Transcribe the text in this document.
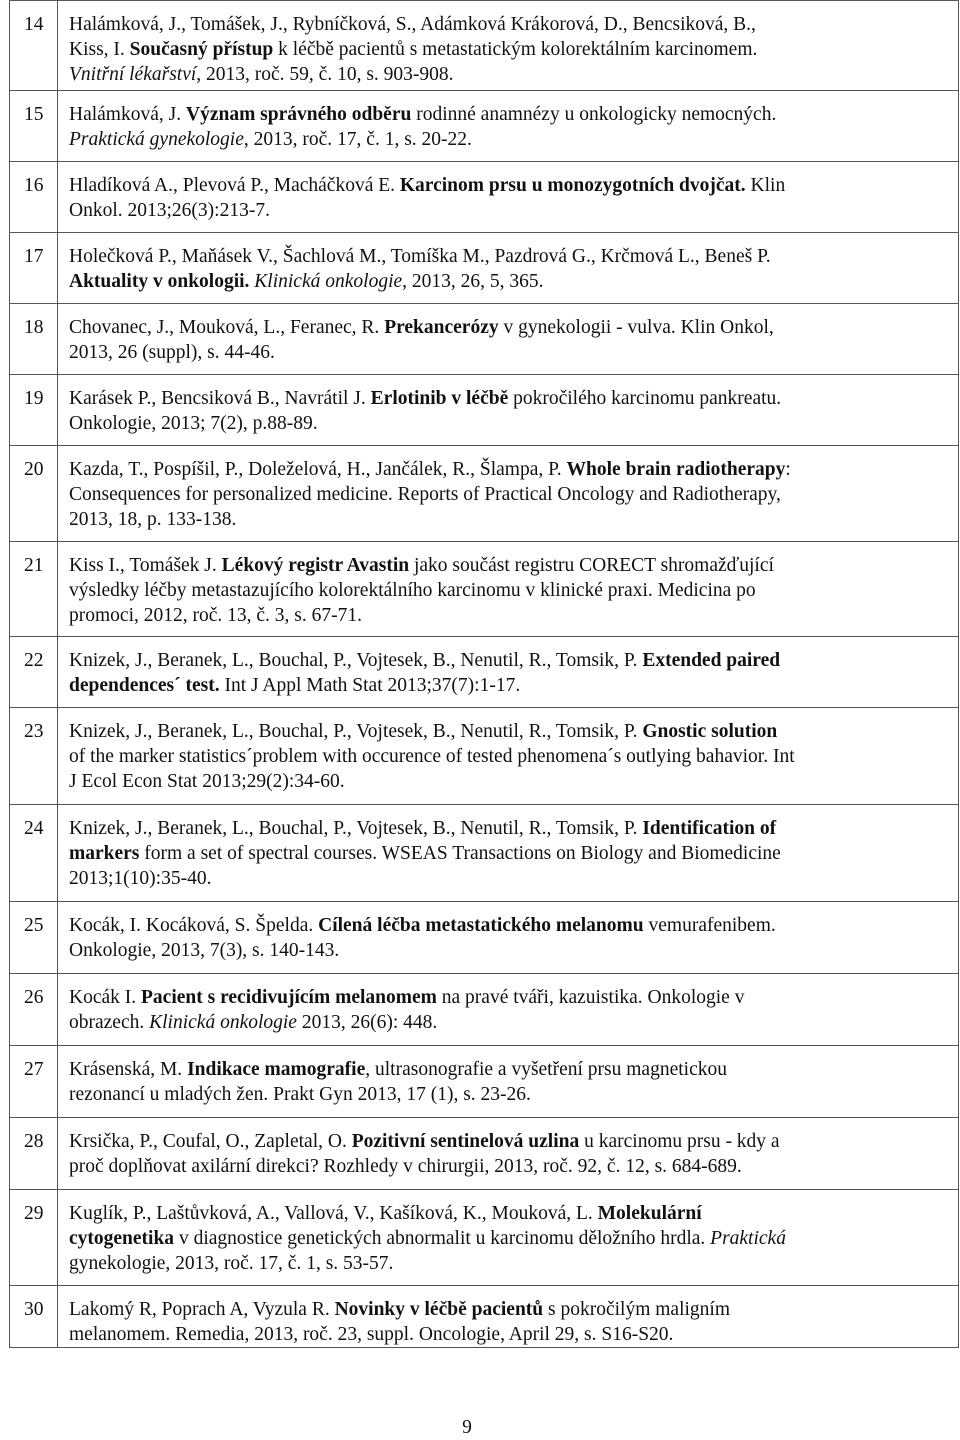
14	Halámková, J., Tomášek, J., Rybníčková, S., Adámková Krákorová, D., Bencsiková, B.,
Kiss, I. Současný přístup k léčbě pacientů s metastatickým kolorektálním karcinomem.
Vnitřní lékařství, 2013, roč. 59, č. 10, s. 903-908.

15	Halámková, J. Význam správného odběru rodinné anamnézy u onkologicky nemocných.
Praktická gynekologie, 2013, roč. 17, č. 1, s. 20-22.

16	Hladíková A., Plevová P., Macháčková E. Karcinom prsu u monozygotních dvojčat. Klin
Onkol. 2013;26(3):213-7.

17	Holečková P., Maňásek V., Šachlová M., Tomíška M., Pazdrová G., Krčmová L., Beneš P.
Aktuality v onkologii. Klinická onkologie, 2013, 26, 5, 365.

18	Chovanec, J., Mouková, L., Feranec, R. Prekancerózy v gynekologii - vulva. Klin Onkol,
2013, 26 (suppl), s. 44-46.

19	Karásek P., Bencsiková B., Navrátil J. Erlotinib v léčbě pokročilého karcinomu pankreatu.
Onkologie, 2013; 7(2), p.88-89.

20	Kazda, T., Pospíšil, P., Doleželová, H., Jančálek, R., Šlampa, P. Whole brain radiotherapy:
Consequences for personalized medicine. Reports of Practical Oncology and Radiotherapy,
2013, 18, p. 133-138.

21	Kiss I., Tomášek J. Lékový registr Avastin jako součást registru CORECT shromažďující
výsledky léčby metastazujícího kolorektálního karcinomu v klinické praxi. Medicina po
promoci, 2012, roč. 13, č. 3, s. 67-71.

22	Knizek, J., Beranek, L., Bouchal, P., Vojtesek, B., Nenutil, R., Tomsik, P. Extended paired
dependences´ test. Int J Appl Math Stat 2013;37(7):1-17.

23	Knizek, J., Beranek, L., Bouchal, P., Vojtesek, B., Nenutil, R., Tomsik, P. Gnostic solution
of the marker statistics´problem with occurence of tested phenomena´s outlying bahavior. Int
J Ecol Econ Stat 2013;29(2):34-60.

24	Knizek, J., Beranek, L., Bouchal, P., Vojtesek, B., Nenutil, R., Tomsik, P. Identification of
markers form a set of spectral courses. WSEAS Transactions on Biology and Biomedicine
2013;1(10):35-40.

25	Kocák, I. Kocáková, S. Špelda. Cílená léčba metastatického melanomu vemurafenibem.
Onkologie, 2013, 7(3), s. 140-143.

26	Kocák I. Pacient s recidivujícím melanomem na pravé tváři, kazuistika. Onkologie v
obrazech. Klinická onkologie 2013, 26(6): 448.

27	Krásenská, M. Indikace mamografie, ultrasonografie a vyšetření prsu magnetickou
rezonancí u mladých žen. Prakt Gyn 2013, 17 (1), s. 23-26.

28	Krsička, P., Coufal, O., Zapletal, O. Pozitivní sentinelová uzlina u karcinomu prsu - kdy a
proč doplňovat axilární direkci? Rozhledy v chirurgii, 2013, roč. 92, č. 12, s. 684-689.

29	Kuglík, P., Laštůvková, A., Vallová, V., Kašíková, K., Mouková, L. Molekulární
cytogenetika v diagnostice genetických abnormalit u karcinomu děložního hrdla. Praktická
gynekologie, 2013, roč. 17, č. 1, s. 53-57.

30	Lakomý R, Poprach A, Vyzula R. Novinky v léčbě pacientů s pokročilým maligním
melanomem. Remedia, 2013, roč. 23, suppl. Oncologie, April 29, s. S16-S20.
9
